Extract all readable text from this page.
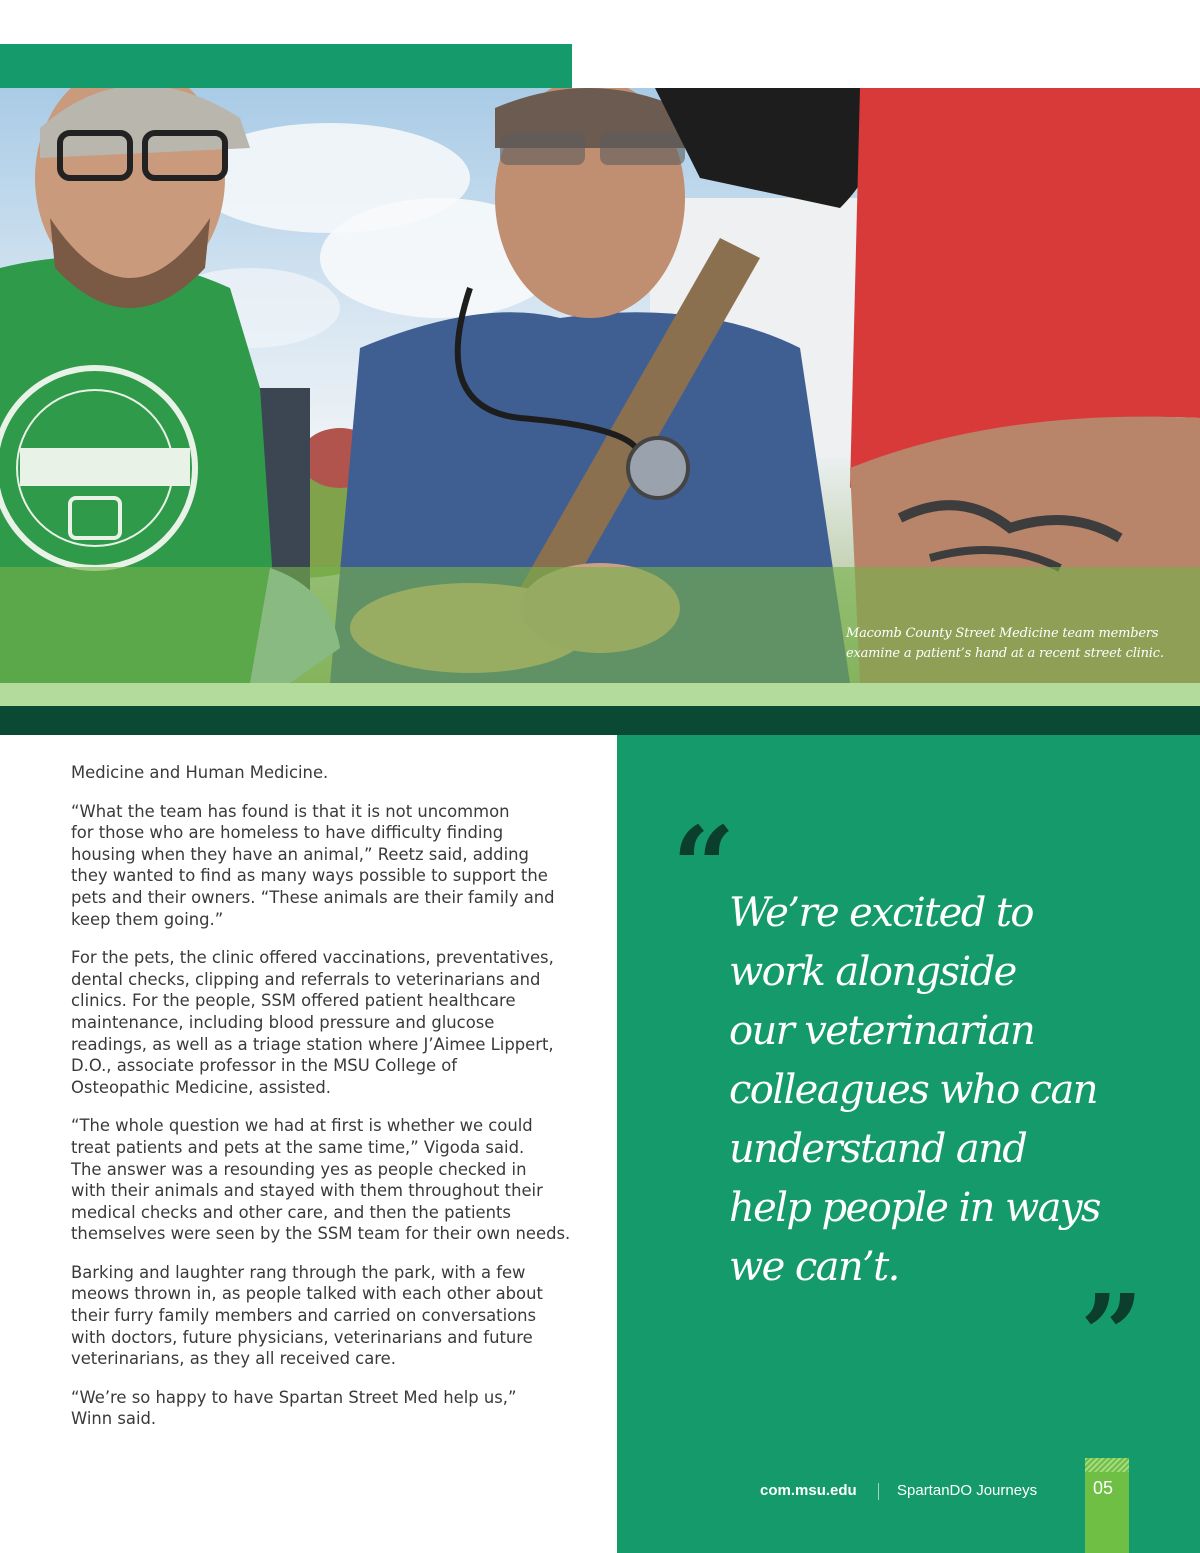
Macomb County Street Medicine team members
examine a patient’s hand at a recent street clinic.

Medicine and Human Medicine.

“What the team has found is that it is not uncommon
for those who are homeless to have difficulty finding
housing when they have an animal,” Reetz said, adding
they wanted to find as many ways possible to support the
pets and their owners. “These animals are their family and
keep them going.”

For the pets, the clinic offered vaccinations, preventatives,
dental checks, clipping and referrals to veterinarians and
clinics. For the people, SSM offered patient healthcare
maintenance, including blood pressure and glucose
readings, as well as a triage station where J’Aimee Lippert,
D.O., associate professor in the MSU College of
Osteopathic Medicine, assisted.

“The whole question we had at first is whether we could
treat patients and pets at the same time,” Vigoda said.
The answer was a resounding yes as people checked in
with their animals and stayed with them throughout their
medical checks and other care, and then the patients
themselves were seen by the SSM team for their own needs.

Barking and laughter rang through the park, with a few
meows thrown in, as people talked with each other about
their furry family members and carried on conversations
with doctors, future physicians, veterinarians and future
veterinarians, as they all received care.

“We’re so happy to have Spartan Street Med help us,”
Winn said.

“
We’re excited to
work alongside
our veterinarian
colleagues who can
understand and
help people in ways
we can’t.
”
com.msu.edu	SpartanDO Journeys	05
